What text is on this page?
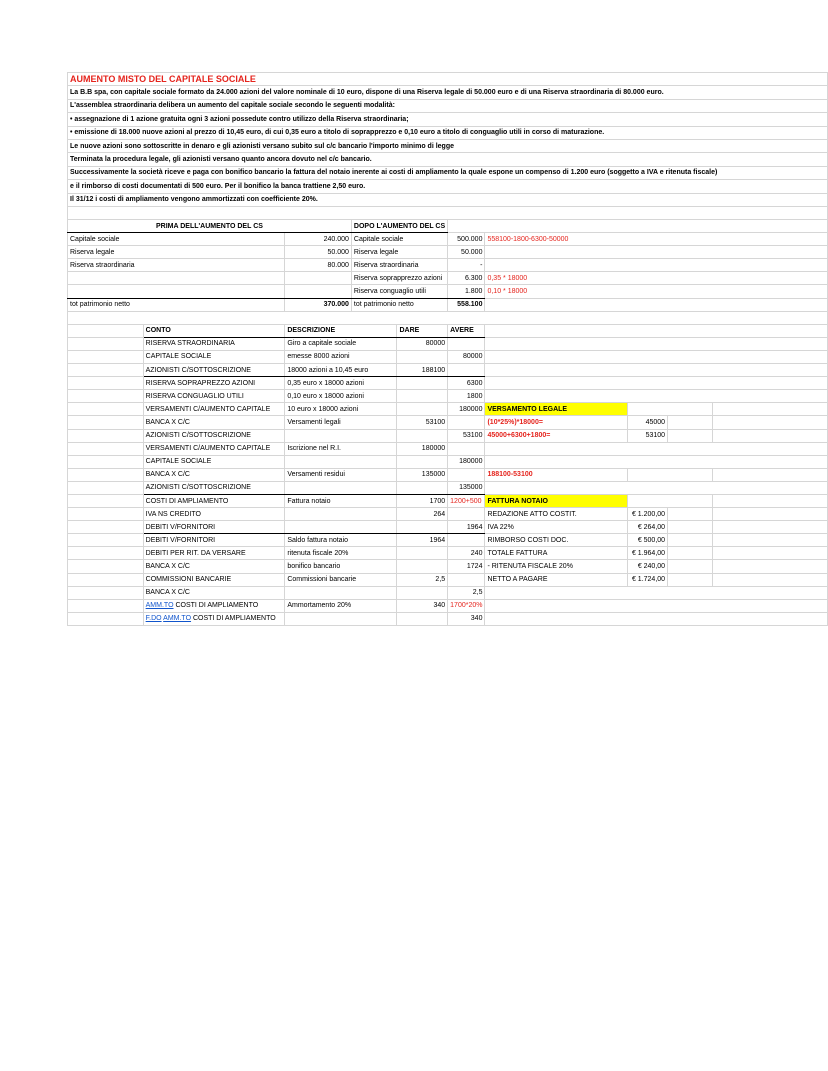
AUMENTO MISTO DEL CAPITALE SOCIALE									
La B.B spa, con capitale sociale formato da 24.000 azioni del valore nominale di 10 euro, dispone di una Riserva legale di 50.000 euro e di una Riserva straordinaria di 80.000 euro.									
L'assemblea straordinaria delibera un aumento del capitale sociale secondo le seguenti modalità:									
• assegnazione di 1 azione gratuita ogni 3 azioni possedute contro utilizzo della Riserva straordinaria;									
• emissione di 18.000 nuove azioni al prezzo di 10,45 euro, di cui 0,35 euro a titolo di soprapprezzo e 0,10 euro a titolo di conguaglio utili in corso di maturazione.									
Le nuove azioni sono sottoscritte in denaro e gli azionisti versano subito sul c/c bancario l'importo minimo di legge									
Terminata la procedura legale, gli azionisti versano quanto ancora dovuto nel c/c bancario.									
Successivamente la società riceve e paga con bonifico bancario la fattura del notaio inerente ai costi di ampliamento la quale espone un compenso di 1.200 euro (soggetto a IVA e ritenuta fiscale)									
e il rimborso di costi documentati di 500 euro. Per il bonifico la banca trattiene 2,50 euro.									
Il 31/12 i costi di ampliamento vengono ammortizzati con coefficiente 20%.									

PRIMA DELL'AUMENTO DEL CS			DOPO L'AUMENTO DEL CS						
Capitale sociale		240.000	Capitale sociale		500.000	558100-1800-6300-50000			
Riserva legale		50.000	Riserva legale		50.000				
Riserva straordinaria		80.000	Riserva straordinaria		-				
			Riserva soprapprezzo azioni		6.300	0,35 * 18000			
			Riserva conguaglio utili		1.800	0,10 * 18000			
tot patrimonio netto		370.000	tot patrimonio netto		558.100				

	CONTO	DESCRIZIONE		DARE	AVERE				
	RISERVA STRAORDINARIA	Giro a capitale sociale		80000					
	CAPITALE SOCIALE	emesse 8000 azioni			80000				
	AZIONISTI C/SOTTOSCRIZIONE	18000 azioni a 10,45 euro		188100					
	RISERVA SOPRAPREZZO AZIONI	0,35 euro x 18000 azioni			6300				
	RISERVA CONGUAGLIO UTILI	0,10 euro x 18000 azioni			1800				
	VERSAMENTI C/AUMENTO CAPITALE	10 euro x 18000 azioni			180000	VERSAMENTO LEGALE			
	BANCA X C/C	Versamenti legali		53100		(10*25%)*18000=	45000		
	AZIONISTI C/SOTTOSCRIZIONE				53100	45000+6300+1800=	53100		
	VERSAMENTI C/AUMENTO CAPITALE	Iscrizione nel R.I.		180000					
	CAPITALE SOCIALE				180000				
	BANCA X C/C	Versamenti residui		135000		188100-53100			
	AZIONISTI C/SOTTOSCRIZIONE				135000				
	COSTI DI AMPLIAMENTO	Fattura notaio		1700	1200+500	FATTURA NOTAIO			
	IVA NS CREDITO			264		REDAZIONE ATTO COSTIT.	€ 1.200,00		
	DEBITI V/FORNITORI				1964	IVA 22%	€ 264,00		
	DEBITI V/FORNITORI	Saldo fattura notaio		1964		RIMBORSO COSTI DOC.	€ 500,00		
	DEBITI PER RIT. DA VERSARE	ritenuta fiscale 20%			240	TOTALE FATTURA	€ 1.964,00		
	BANCA X C/C	bonifico bancario			1724	- RITENUTA FISCALE 20%	€ 240,00		
	COMMISSIONI BANCARIE	Commissioni bancarie		2,5		NETTO A PAGARE	€ 1.724,00		
	BANCA X C/C				2,5				
	AMM.TO COSTI DI AMPLIAMENTO	Ammortamento 20%		340	1700*20%				
	F.DO AMM.TO COSTI DI AMPLIAMENTO				340				
